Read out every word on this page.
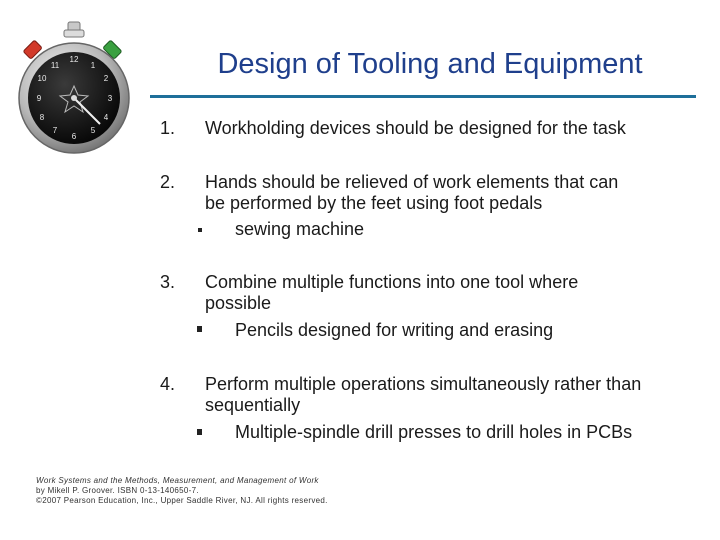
12
1
2
3
4
5
6
7
8
9
10
11	Design of Tooling and Equipment
1. Workholding devices should be designed for the task
2. Hands should be relieved of work elements that can
be performed by the feet using foot pedals
sewing machine
3. Combine multiple functions into one tool where
possible
Pencils designed for writing and erasing
4. Perform multiple operations simultaneously rather than
sequentially
Multiple-spindle drill presses to drill holes in PCBs
Work Systems and the Methods, Measurement, and Management of Work
by Mikell P. Groover. ISBN 0-13-140650-7.
©2007 Pearson Education, Inc., Upper Saddle River, NJ. All rights reserved.
